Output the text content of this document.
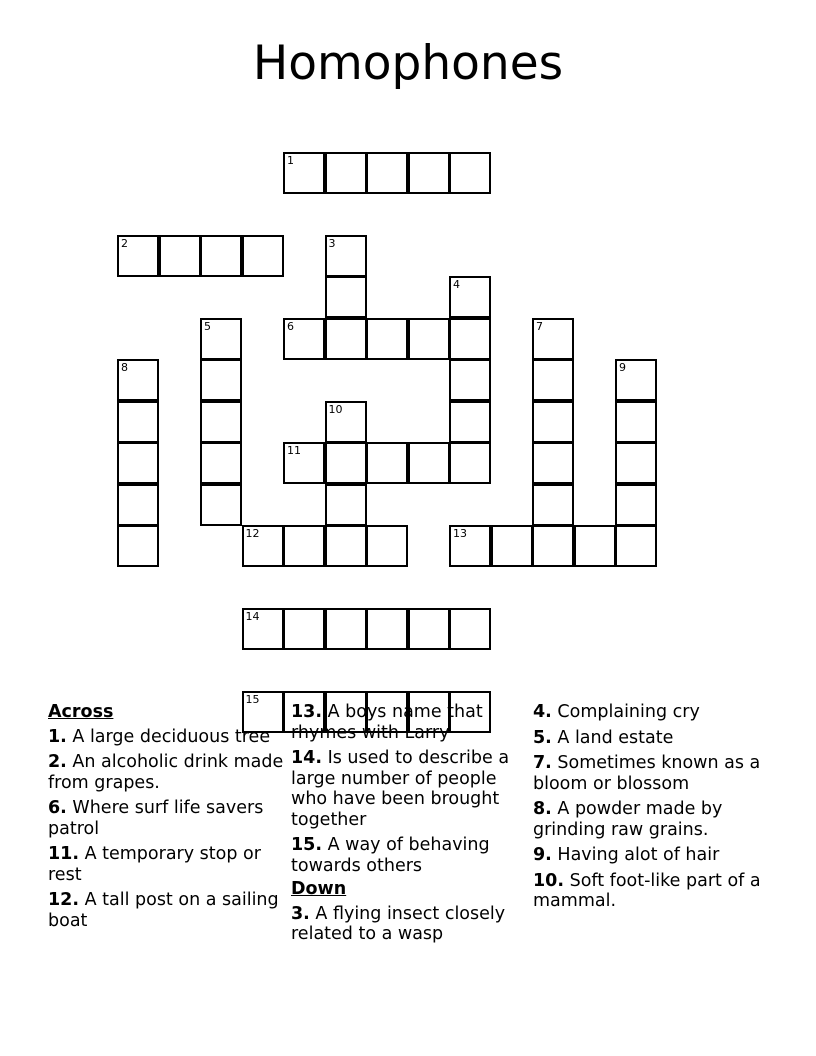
Homophones
1
2	3
4
5	6	7
8	9
10
11
12	13
14
15
Across
1. A large deciduous tree
2. An alcoholic drink made from grapes.
6. Where surf life savers patrol
11. A temporary stop or rest
12. A tall post on a sailing boat
13. A boys name that rhymes with Larry
14. Is used to describe a large number of people who have been brought together
15. A way of behaving towards others
Down
3. A flying insect closely related to a wasp
4. Complaining cry
5. A land estate
7. Sometimes known as a bloom or blossom
8. A powder made by grinding raw grains.
9. Having alot of hair
10. Soft foot-like part of a mammal.
